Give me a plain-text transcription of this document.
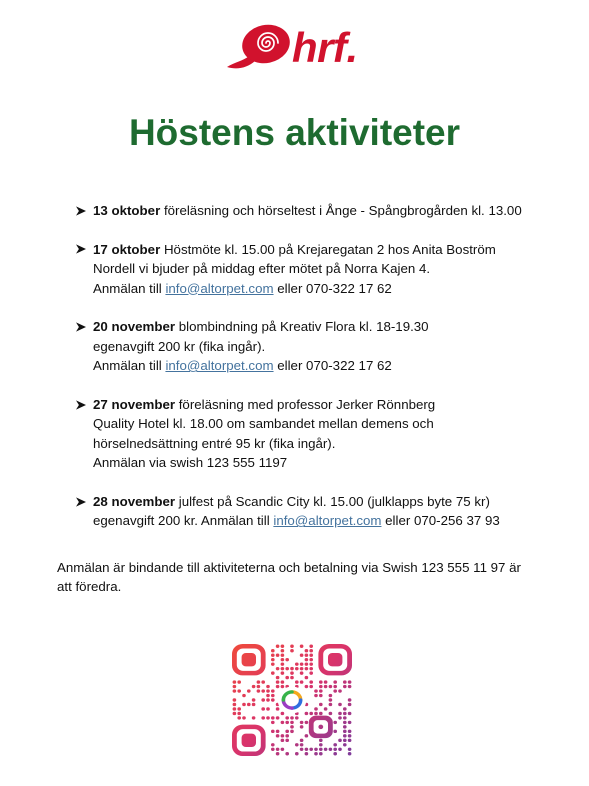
hrf.
Höstens aktiviteter
13 oktober föreläsning och hörseltest i Ånge - Spångbrogården kl. 13.00
17 oktober Höstmöte kl. 15.00 på Krejaregatan 2 hos Anita Boström
Nordell vi bjuder på middag efter mötet på Norra Kajen 4.
Anmälan till info@altorpet.com eller 070-322 17 62
20 november blombindning på Kreativ Flora kl. 18-19.30
egenavgift 200 kr (fika ingår).
Anmälan till info@altorpet.com eller 070-322 17 62
27 november föreläsning med professor Jerker Rönnberg
Quality Hotel kl. 18.00 om sambandet mellan demens och
hörselnedsättning entré 95 kr (fika ingår).
Anmälan via swish 123 555 1197
28 november julfest på Scandic City kl. 15.00 (julklapps byte 75 kr)
egenavgift 200 kr. Anmälan till info@altorpet.com eller 070-256 37 93
Anmälan är bindande till aktiviteterna och betalning via Swish 123 555 11 97 är
att föredra.
